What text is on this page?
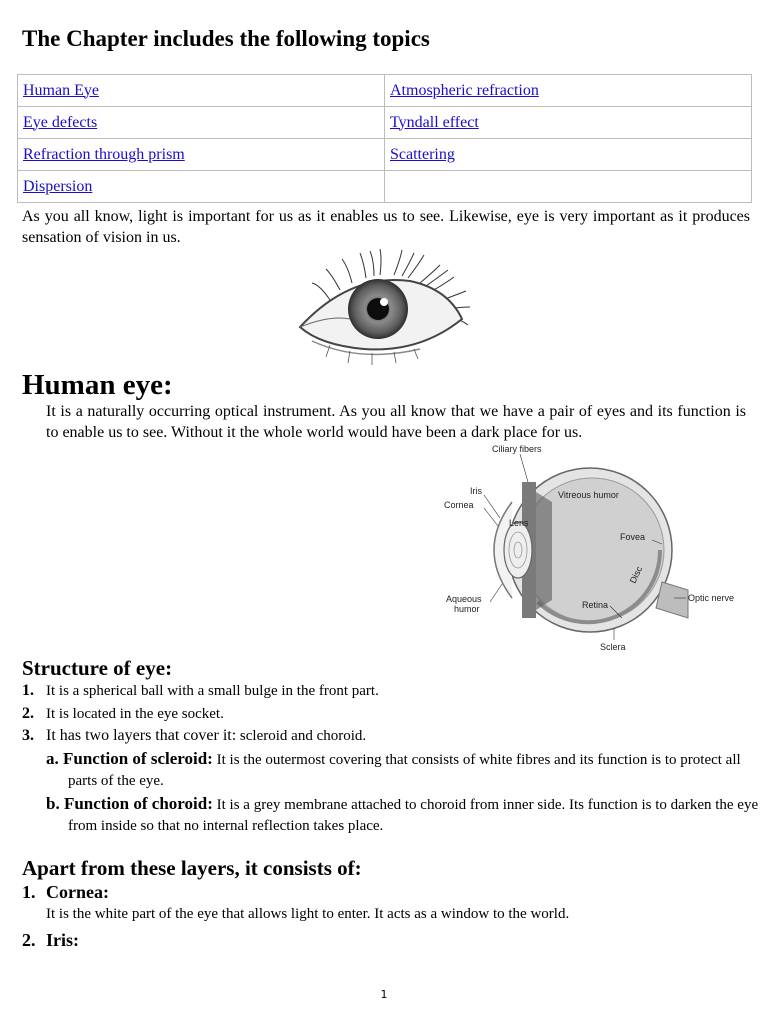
The Chapter includes the following topics
Human Eye	Atmospheric refraction
Eye defects	Tyndall effect
Refraction through prism	Scattering
Dispersion	

As you all know, light is important for us as it enables us to see. Likewise, eye is very important as it produces sensation of vision in us.

Human eye:

It is a naturally occurring optical instrument. As you all know that we have a pair of eyes and its function is to enable us to see. Without it the whole world would have been a dark place for us.

Ciliary fibers
Iris
Cornea
Lens
Vitreous humor
Fovea
Disc
Optic nerve
Aqueous
humor	Retina
Sclera
Structure of eye:
1. It is a spherical ball with a small bulge in the front part.
2. It is located in the eye socket.
3. It has two layers that cover it: scleroid and choroid.

a. Function of scleroid: It is the outermost covering that consists of white fibres and its function is to protect all parts of the eye.

b. Function of choroid: It is a grey membrane attached to choroid from inner side. Its function is to darken the eye from inside so that no internal reflection takes place.

Apart from these layers, it consists of:

1. Cornea:

It is the white part of the eye that allows light to enter. It acts as a window to the world.

2. Iris:

1
